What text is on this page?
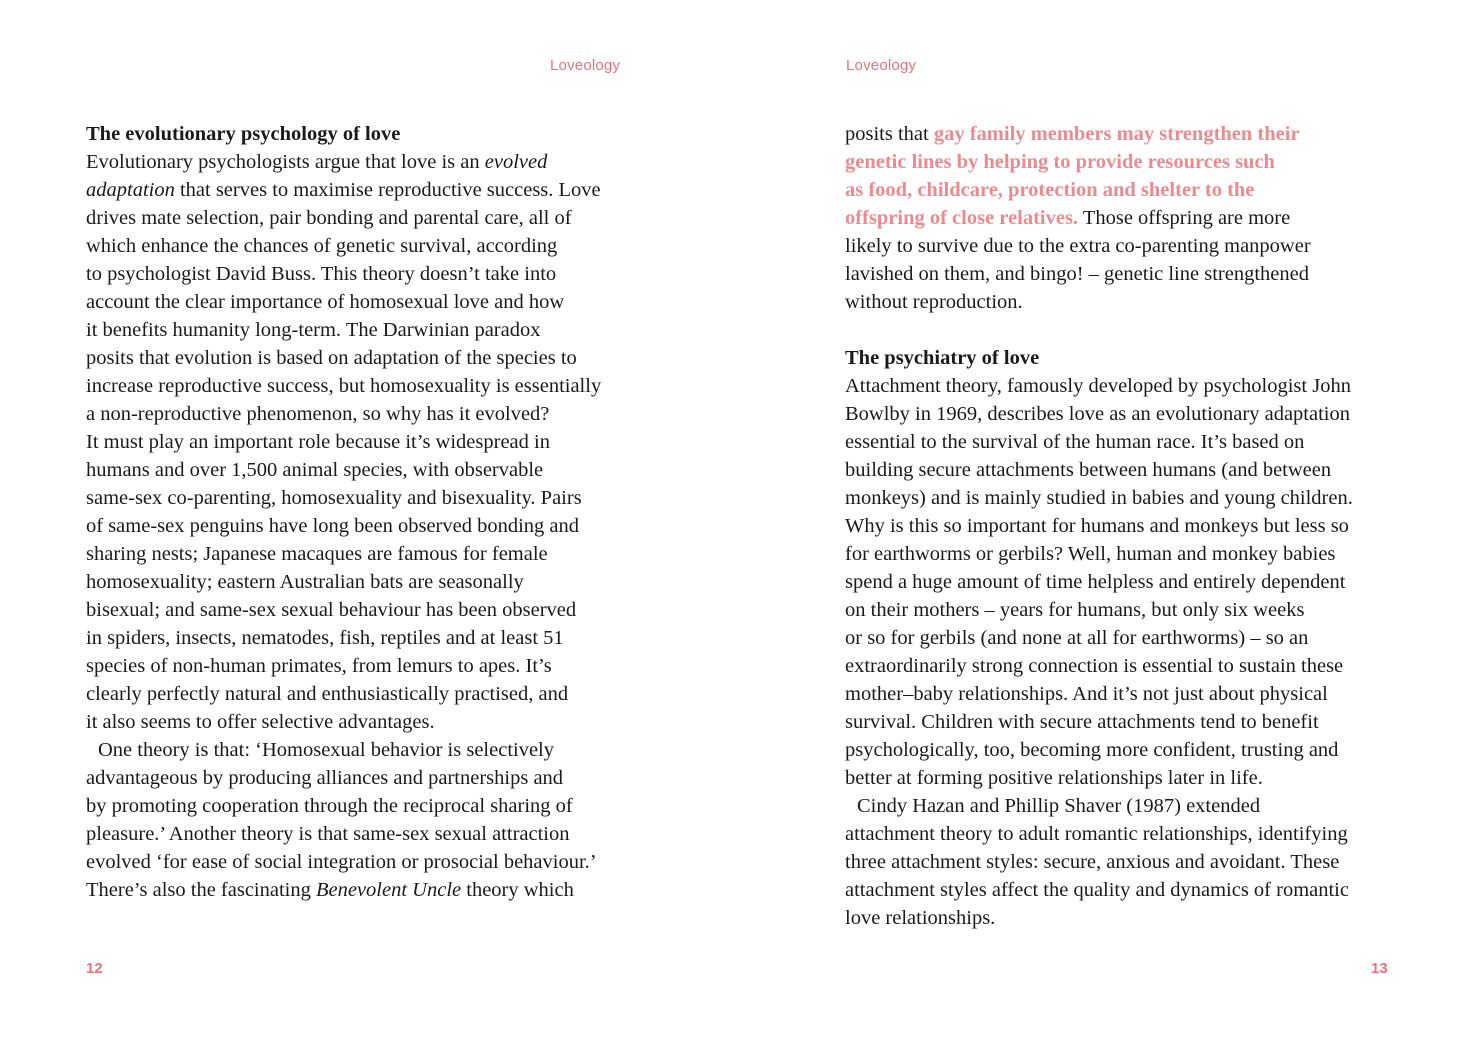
Loveology
The evolutionary psychology of love
Evolutionary psychologists argue that love is an evolved
adaptation that serves to maximise reproductive success. Love
drives mate selection, pair bonding and parental care, all of
which enhance the chances of genetic survival, according
to psychologist David Buss. This theory doesn’t take into
account the clear importance of homosexual love and how
it benefits humanity long-term. The Darwinian paradox
posits that evolution is based on adaptation of the species to
increase reproductive success, but homosexuality is essentially
a non-reproductive phenomenon, so why has it evolved?
It must play an important role because it’s widespread in
humans and over 1,500 animal species, with observable
same-sex co-parenting, homosexuality and bisexuality. Pairs
of same-sex penguins have long been observed bonding and
sharing nests; Japanese macaques are famous for female
homosexuality; eastern Australian bats are seasonally
bisexual; and same-sex sexual behaviour has been observed
in spiders, insects, nematodes, fish, reptiles and at least 51
species of non-human primates, from lemurs to apes. It’s
clearly perfectly natural and enthusiastically practised, and
it also seems to offer selective advantages.
One theory is that: ‘Homosexual behavior is selectively
advantageous by producing alliances and partnerships and
by promoting cooperation through the reciprocal sharing of
pleasure.’ Another theory is that same-sex sexual attraction
evolved ‘for ease of social integration or prosocial behaviour.’
There’s also the fascinating Benevolent Uncle theory which
12
Loveology
posits that gay family members may strengthen their
genetic lines by helping to provide resources such
as food, childcare, protection and shelter to the
offspring of close relatives. Those offspring are more
likely to survive due to the extra co-parenting manpower
lavished on them, and bingo! – genetic line strengthened
without reproduction.
The psychiatry of love
Attachment theory, famously developed by psychologist John
Bowlby in 1969, describes love as an evolutionary adaptation
essential to the survival of the human race. It’s based on
building secure attachments between humans (and between
monkeys) and is mainly studied in babies and young children.
Why is this so important for humans and monkeys but less so
for earthworms or gerbils? Well, human and monkey babies
spend a huge amount of time helpless and entirely dependent
on their mothers – years for humans, but only six weeks
or so for gerbils (and none at all for earthworms) – so an
extraordinarily strong connection is essential to sustain these
mother–baby relationships. And it’s not just about physical
survival. Children with secure attachments tend to benefit
psychologically, too, becoming more confident, trusting and
better at forming positive relationships later in life.
Cindy Hazan and Phillip Shaver (1987) extended
attachment theory to adult romantic relationships, identifying
three attachment styles: secure, anxious and avoidant. These
attachment styles affect the quality and dynamics of romantic
love relationships.
13
